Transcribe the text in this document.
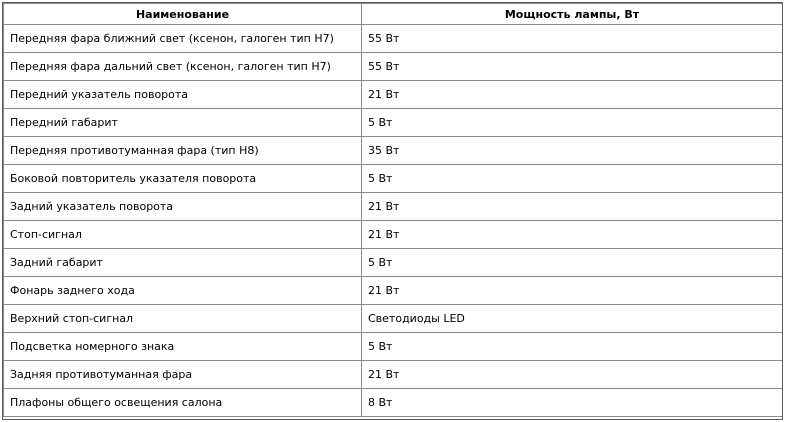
Наименование	Мощность лампы, Вт
Передняя фара ближний свет (ксенон, галоген тип Н7)	55 Вт
Передняя фара дальний свет (ксенон, галоген тип Н7)	55 Вт
Передний указатель поворота	21 Вт
Передний габарит	5 Вт
Передняя противотуманная фара (тип Н8)	35 Вт
Боковой повторитель указателя поворота	5 Вт
Задний указатель поворота	21 Вт
Стоп-сигнал	21 Вт
Задний габарит	5 Вт
Фонарь заднего хода	21 Вт
Верхний стоп-сигнал	Светодиоды LED
Подсветка номерного знака	5 Вт
Задняя противотуманная фара	21 Вт
Плафоны общего освещения салона	8 Вт
